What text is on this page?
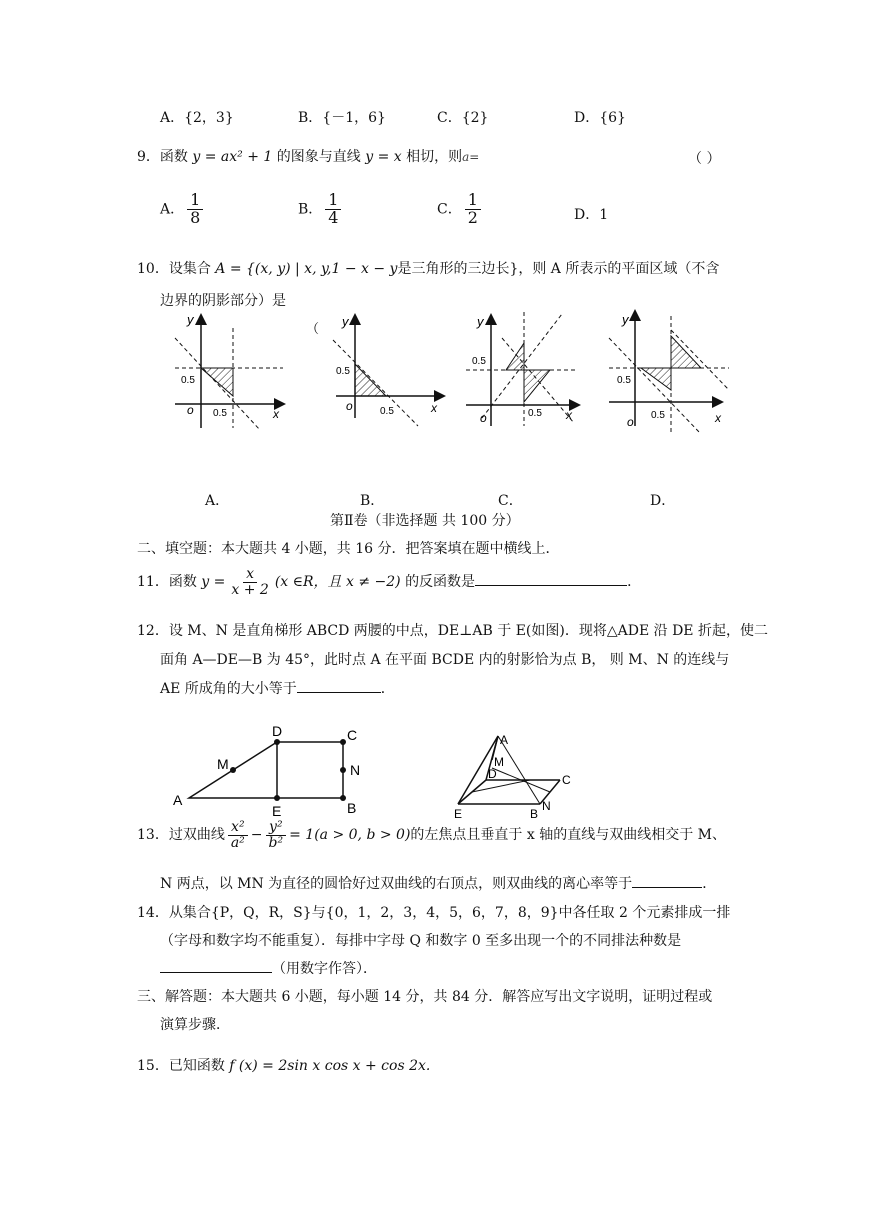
A．{2，3}	B．{－1，6}	C．{2}	D．{6}
9．函数 y = ax² + 1 的图象与直线 y = x 相切，则a=	（ ）
A． $\frac{1}{8}$	B． $\frac{1}{4}$	C． $\frac{1}{2}$	D．1
10．设集合 A = {(x, y) | x, y,1 − x − y是三角形的三边长}，则 A 所表示的平面区域（不含
边界的阴影部分）是
y
x
o
0.5
0.5
y
x
o
0.5
0.5
（
y
x
o
0.5
0.5
y
x
o
0.5
0.5
A．	B．	C．	D．
第Ⅱ卷（非选择题 共 100 分）
二、填空题：本大题共 4 小题，共 16 分．把答案填在题中横线上．
11．函数 $y = \frac{x}{x + 2} (x$ ∈R，且 x ≠ −2) 的反函数是	．
12．设 M、N 是直角梯形 ABCD 两腰的中点，DE⊥AB 于 E(如图)．现将△ADE 沿 DE 折起，使二
面角 A—DE—B 为 45°，此时点 A 在平面 BCDE 内的射影恰为点 B， 则 M、N 的连线与
AE 所成角的大小等于	．
A
D	C
M	N
E	B
A
M
D	C
N
E	B
13．过双曲线 $\frac{\text{x²}}{\text{a²}} - \frac{\text{y²}}{\text{b²}} = 1(a > 0$, b > 0)的左焦点且垂直于 x 轴的直线与双曲线相交于 M、
N 两点，以 MN 为直径的圆恰好过双曲线的右顶点，则双曲线的离心率等于	．
14．从集合{P，Q，R，S}与{0，1，2，3，4，5，6，7，8，9}中各任取 2 个元素排成一排
（字母和数字均不能重复）．每排中字母 Q 和数字 0 至多出现一个的不同排法种数是
（用数字作答）．
三、解答题：本大题共 6 小题，每小题 14 分，共 84 分．解答应写出文字说明，证明过程或
演算步骤．
15．已知函数 f (x) = 2sin x cos x + cos 2x.
